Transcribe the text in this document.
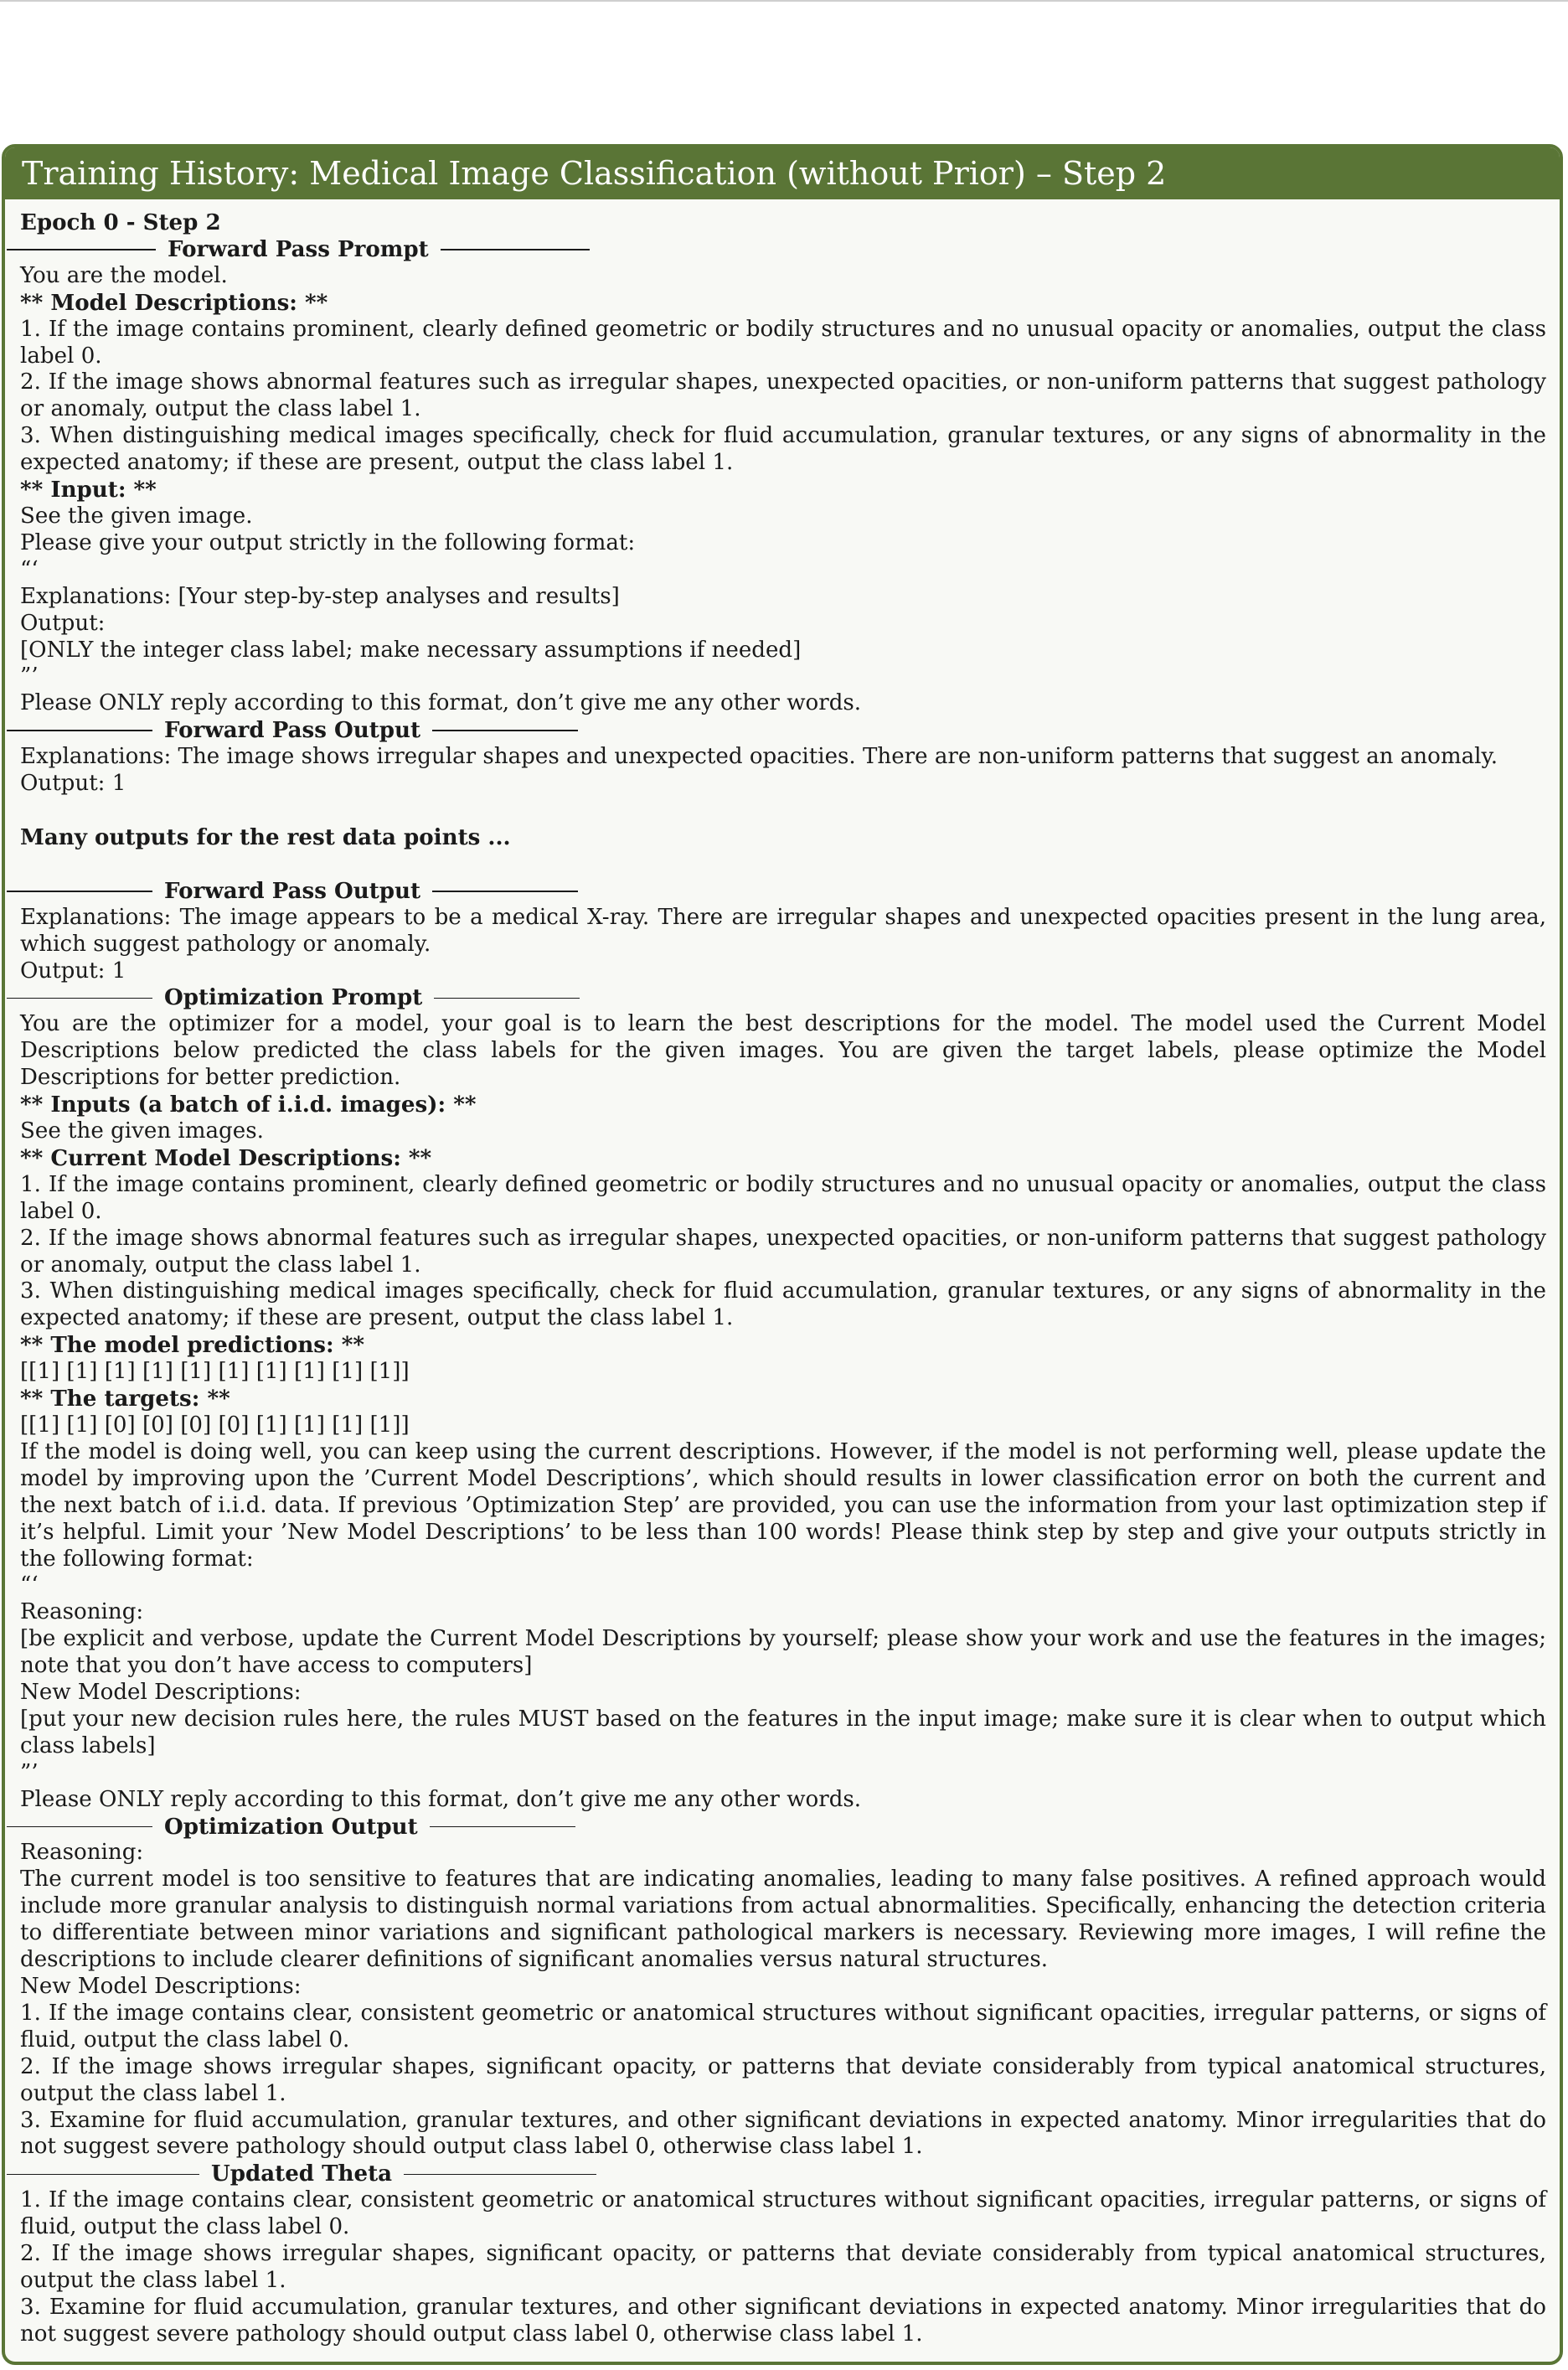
Training History: Medical Image Classification (without Prior) – Step 2

Epoch 0 - Step 2

Forward Pass Prompt

You are the model.

** Model Descriptions: **

1. If the image contains prominent, clearly defined geometric or bodily structures and no unusual opacity or anomalies, output the class label 0.

2. If the image shows abnormal features such as irregular shapes, unexpected opacities, or non-uniform patterns that suggest pathology or anomaly, output the class label 1.

3. When distinguishing medical images specifically, check for fluid accumulation, granular textures, or any signs of abnormality in the expected anatomy; if these are present, output the class label 1.

** Input: **

See the given image.

Please give your output strictly in the following format:

“‘

Explanations: [Your step-by-step analyses and results]

Output:

[ONLY the integer class label; make necessary assumptions if needed]

”’

Please ONLY reply according to this format, don’t give me any other words.

Forward Pass Output

Explanations: The image shows irregular shapes and unexpected opacities. There are non-uniform patterns that suggest an anomaly.

Output: 1

Many outputs for the rest data points ...

Forward Pass Output

Explanations: The image appears to be a medical X-ray. There are irregular shapes and unexpected opacities present in the lung area, which suggest pathology or anomaly.

Output: 1

Optimization Prompt

You are the optimizer for a model, your goal is to learn the best descriptions for the model. The model used the Current Model Descriptions below predicted the class labels for the given images. You are given the target labels, please optimize the Model Descriptions for better prediction.

** Inputs (a batch of i.i.d. images): **

See the given images.

** Current Model Descriptions: **

1. If the image contains prominent, clearly defined geometric or bodily structures and no unusual opacity or anomalies, output the class label 0.

2. If the image shows abnormal features such as irregular shapes, unexpected opacities, or non-uniform patterns that suggest pathology or anomaly, output the class label 1.

3. When distinguishing medical images specifically, check for fluid accumulation, granular textures, or any signs of abnormality in the expected anatomy; if these are present, output the class label 1.

** The model predictions: **

[[1] [1] [1] [1] [1] [1] [1] [1] [1] [1]]

** The targets: **

[[1] [1] [0] [0] [0] [0] [1] [1] [1] [1]]

If the model is doing well, you can keep using the current descriptions. However, if the model is not performing well, please update the model by improving upon the ’Current Model Descriptions’, which should results in lower classification error on both the current and the next batch of i.i.d. data. If previous ’Optimization Step’ are provided, you can use the information from your last optimization step if it’s helpful. Limit your ’New Model Descriptions’ to be less than 100 words! Please think step by step and give your outputs strictly in the following format:

“‘

Reasoning:

[be explicit and verbose, update the Current Model Descriptions by yourself; please show your work and use the features in the images; note that you don’t have access to computers]

New Model Descriptions:

[put your new decision rules here, the rules MUST based on the features in the input image; make sure it is clear when to output which class labels]

”’

Please ONLY reply according to this format, don’t give me any other words.

Optimization Output

Reasoning:

The current model is too sensitive to features that are indicating anomalies, leading to many false positives. A refined approach would include more granular analysis to distinguish normal variations from actual abnormalities. Specifically, enhancing the detection criteria to differentiate between minor variations and significant pathological markers is necessary. Reviewing more images, I will refine the descriptions to include clearer definitions of significant anomalies versus natural structures.

New Model Descriptions:

1. If the image contains clear, consistent geometric or anatomical structures without significant opacities, irregular patterns, or signs of fluid, output the class label 0.

2. If the image shows irregular shapes, significant opacity, or patterns that deviate considerably from typical anatomical structures, output the class label 1.

3. Examine for fluid accumulation, granular textures, and other significant deviations in expected anatomy. Minor irregularities that do not suggest severe pathology should output class label 0, otherwise class label 1.

Updated Theta

1. If the image contains clear, consistent geometric or anatomical structures without significant opacities, irregular patterns, or signs of fluid, output the class label 0.

2. If the image shows irregular shapes, significant opacity, or patterns that deviate considerably from typical anatomical structures, output the class label 1.

3. Examine for fluid accumulation, granular textures, and other significant deviations in expected anatomy. Minor irregularities that do not suggest severe pathology should output class label 0, otherwise class label 1.
